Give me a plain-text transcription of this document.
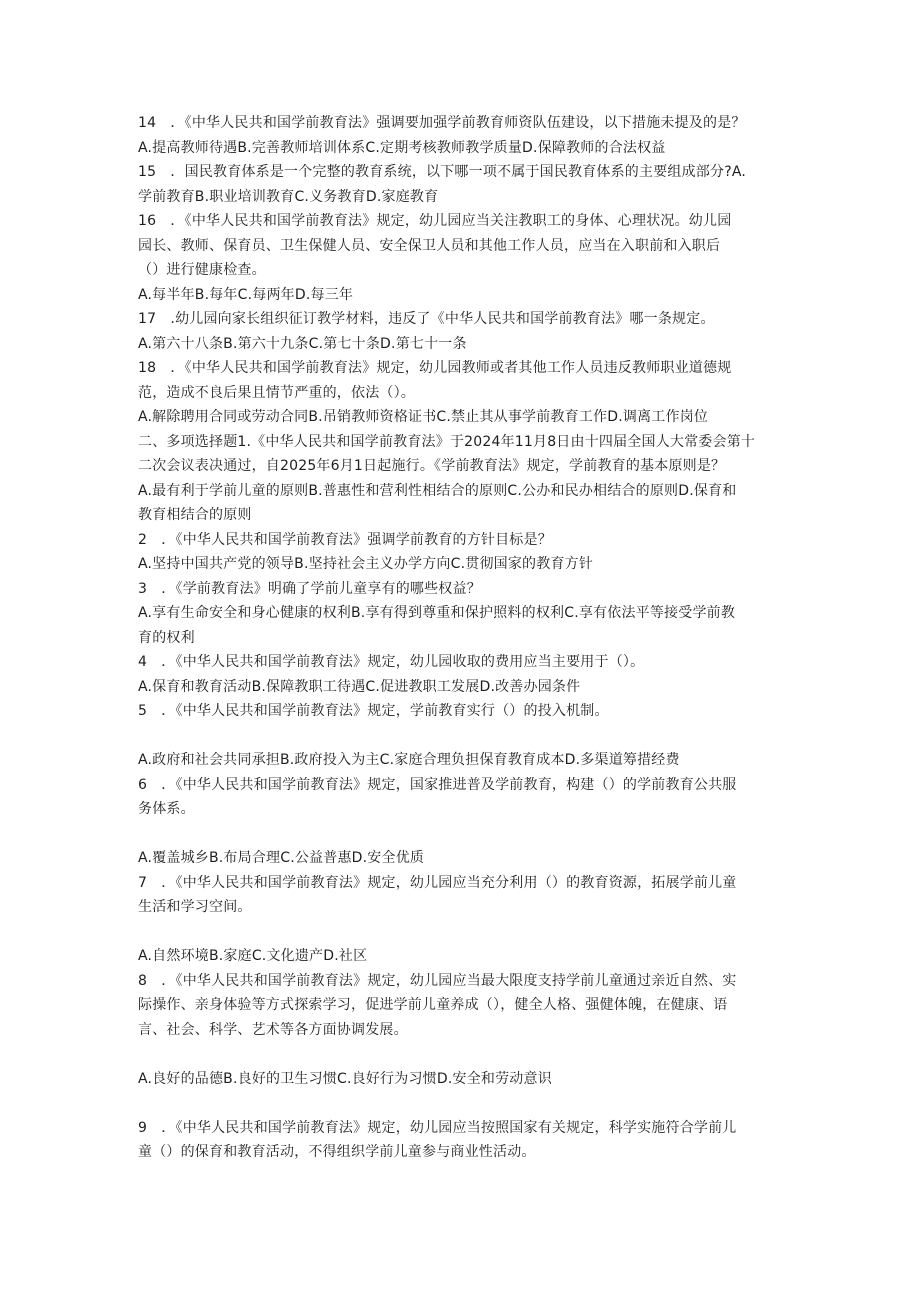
14　．《中华人民共和国学前教育法》强调要加强学前教育师资队伍建设，以下措施未提及的是？

A.提高教师待遇B.完善教师培训体系C.定期考核教师教学质量D.保障教师的合法权益

15　．国民教育体系是一个完整的教育系统，以下哪一项不属于国民教育体系的主要组成部分?A.

学前教育B.职业培训教育C.义务教育D.家庭教育

16　．《中华人民共和国学前教育法》规定，幼儿园应当关注教职工的身体、心理状况。幼儿园

园长、教师、保育员、卫生保健人员、安全保卫人员和其他工作人员，应当在入职前和入职后

（）进行健康检查。

A.每半年B.每年C.每两年D.每三年

17　.幼儿园向家长组织征订教学材料，违反了《中华人民共和国学前教育法》哪一条规定。

A.第六十八条B.第六十九条C.第七十条D.第七十一条

18　．《中华人民共和国学前教育法》规定，幼儿园教师或者其他工作人员违反教师职业道德规

范，造成不良后果且情节严重的，依法（）。

A.解除聘用合同或劳动合同B.吊销教师资格证书C.禁止其从事学前教育工作D.调离工作岗位

二、多项选择题1.《中华人民共和国学前教育法》于2024年11月8日由十四届全国人大常委会第十

二次会议表决通过，自2025年6月1日起施行。《学前教育法》规定，学前教育的基本原则是？

A.最有利于学前儿童的原则B.普惠性和营利性相结合的原则C.公办和民办相结合的原则D.保育和

教育相结合的原则

2　．《中华人民共和国学前教育法》强调学前教育的方针目标是？

A.坚持中国共产党的领导B.坚持社会主义办学方向C.贯彻国家的教育方针

3　．《学前教育法》明确了学前儿童享有的哪些权益？

A.享有生命安全和身心健康的权利B.享有得到尊重和保护照料的权利C.享有依法平等接受学前教

育的权利

4　．《中华人民共和国学前教育法》规定，幼儿园收取的费用应当主要用于（）。

A.保育和教育活动B.保障教职工待遇C.促进教职工发展D.改善办园条件

5　．《中华人民共和国学前教育法》规定，学前教育实行（）的投入机制。

A.政府和社会共同承担B.政府投入为主C.家庭合理负担保育教育成本D.多渠道筹措经费

6　．《中华人民共和国学前教育法》规定，国家推进普及学前教育，构建（）的学前教育公共服

务体系。

A.覆盖城乡B.布局合理C.公益普惠D.安全优质

7　．《中华人民共和国学前教育法》规定，幼儿园应当充分利用（）的教育资源，拓展学前儿童

生活和学习空间。

A.自然环境B.家庭C.文化遗产D.社区

8　．《中华人民共和国学前教育法》规定，幼儿园应当最大限度支持学前儿童通过亲近自然、实

际操作、亲身体验等方式探索学习，促进学前儿童养成（），健全人格、强健体魄，在健康、语

言、社会、科学、艺术等各方面协调发展。

A.良好的品德B.良好的卫生习惯C.良好行为习惯D.安全和劳动意识

9　．《中华人民共和国学前教育法》规定，幼儿园应当按照国家有关规定，科学实施符合学前儿

童（）的保育和教育活动，不得组织学前儿童参与商业性活动。
